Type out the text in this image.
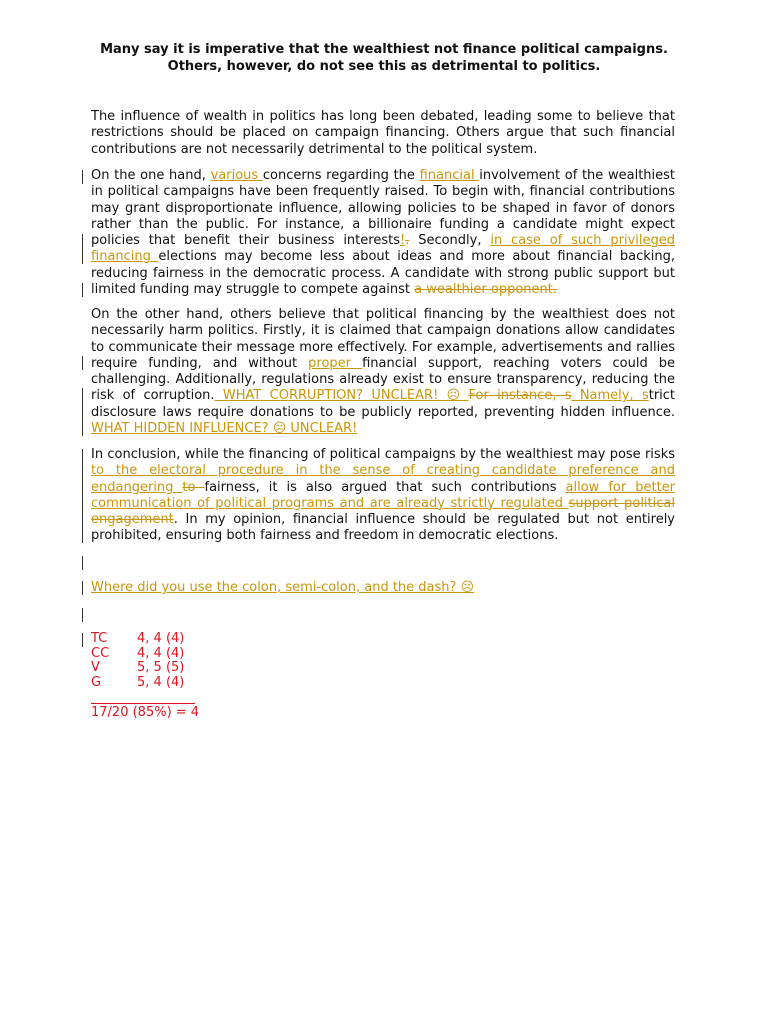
Many say it is imperative that the wealthiest not finance political campaigns.
Others, however, do not see this as detrimental to politics.
The influence of wealth in politics has long been debated, leading some to believe that restrictions should be placed on campaign financing. Others argue that such financial contributions are not necessarily detrimental to the political system.
On the one hand, various concerns regarding the financial involvement of the wealthiest in political campaigns have been frequently raised. To begin with, financial contributions may grant disproportionate influence, allowing policies to be shaped in favor of donors rather than the public. For instance, a billionaire funding a candidate might expect policies that benefit their business interests!. Secondly, in case of such privileged financing elections may become less about ideas and more about financial backing, reducing fairness in the democratic process. A candidate with strong public support but limited funding may struggle to compete against a wealthier opponent.
On the other hand, others believe that political financing by the wealthiest does not necessarily harm politics. Firstly, it is claimed that campaign donations allow candidates to communicate their message more effectively. For example, advertisements and rallies require funding, and without proper financial support, reaching voters could be challenging. Additionally, regulations already exist to ensure transparency, reducing the risk of corruption. WHAT CORRUPTION? UNCLEAR! ☹ For instance, s Namely, strict disclosure laws require donations to be publicly reported, preventing hidden influence. WHAT HIDDEN INFLUENCE? ☹ UNCLEAR!
In conclusion, while the financing of political campaigns by the wealthiest may pose risks to the electoral procedure in the sense of creating candidate preference and endangering to fairness, it is also argued that such contributions allow for better communication of political programs and are already strictly regulated support political engagement. In my opinion, financial influence should be regulated but not entirely prohibited, ensuring both fairness and freedom in democratic elections.
Where did you use the colon, semi-colon, and the dash? ☹
TC	4, 4 (4)
CC	4, 4 (4)
V	5, 5 (5)
G	5, 4 (4)
17/20 (85%) = 4
